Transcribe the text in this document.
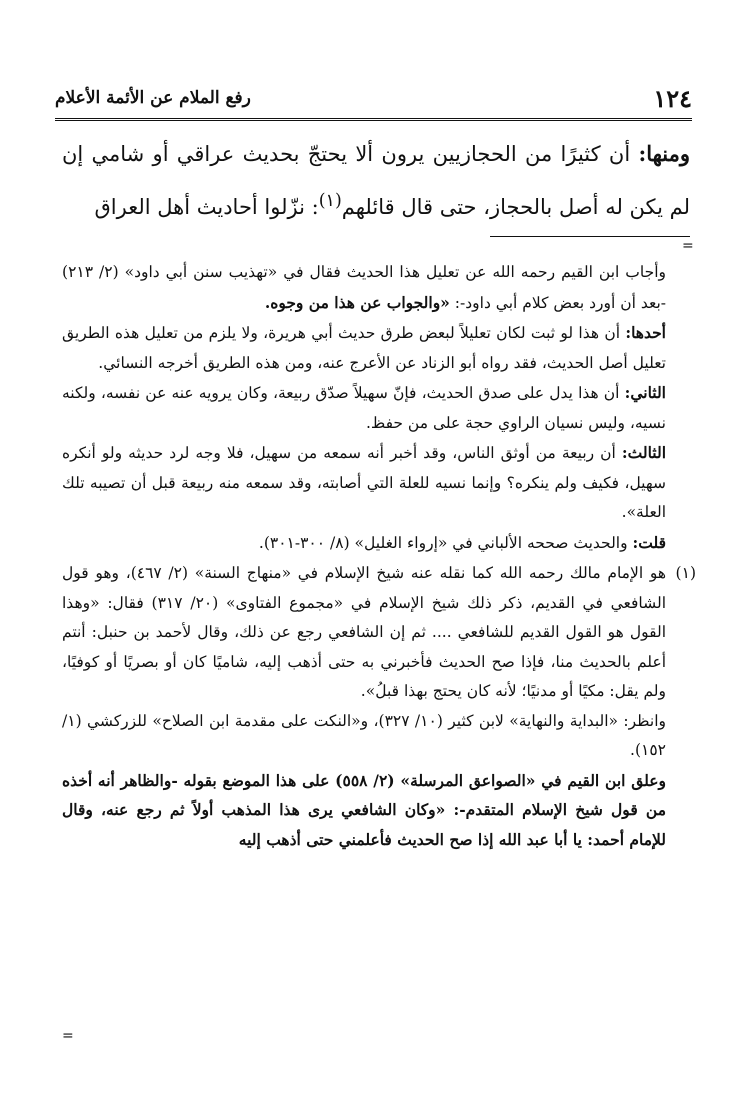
١٢٤
رفع الملام عن الأئمة الأعلام

ومنها: أن كثيرًا من الحجازيين يرون ألا يحتجّ بحديث عراقي أو شامي إن لم يكن له أصل بالحجاز، حتى قال قائلهم$^{(١)}$: نزّلوا أحاديث أهل العراق

=

وأجاب ابن القيم رحمه الله عن تعليل هذا الحديث فقال في «تهذيب سنن أبي داود» (٢/ ٢١٣) -بعد أن أورد بعض كلام أبي داود-: «والجواب عن هذا من وجوه.

أحدها: أن هذا لو ثبت لكان تعليلاً لبعض طرق حديث أبي هريرة، ولا يلزم من تعليل هذه الطريق تعليل أصل الحديث، فقد رواه أبو الزناد عن الأعرج عنه، ومن هذه الطريق أخرجه النسائي.

الثاني: أن هذا يدل على صدق الحديث، فإنّ سهيلاً صدّق ربيعة، وكان يرويه عنه عن نفسه، ولكنه نسيه، وليس نسيان الراوي حجة على من حفظ.

الثالث: أن ربيعة من أوثق الناس، وقد أخبر أنه سمعه من سهيل، فلا وجه لرد حديثه ولو أنكره سهيل، فكيف ولم ينكره؟ وإنما نسيه للعلة التي أصابته، وقد سمعه منه ربيعة قبل أن تصيبه تلك العلة».

قلت: والحديث صححه الألباني في «إرواء الغليل» (٨/ ٣٠٠-٣٠١).

(١)

هو الإمام مالك رحمه الله كما نقله عنه شيخ الإسلام في «منهاج السنة» (٢/ ٤٦٧)، وهو قول الشافعي في القديم، ذكر ذلك شيخ الإسلام في «مجموع الفتاوى» (٢٠/ ٣١٧) فقال: «وهذا القول هو القول القديم للشافعي .... ثم إن الشافعي رجع عن ذلك، وقال لأحمد بن حنبل: أنتم أعلم بالحديث منا، فإذا صح الحديث فأخبرني به حتى أذهب إليه، شاميًا كان أو بصريًا أو كوفيًا، ولم يقل: مكيًا أو مدنيًا؛ لأنه كان يحتج بهذا قبلُ».

وانظر: «البداية والنهاية» لابن كثير (١٠/ ٣٢٧)، و«النكت على مقدمة ابن الصلاح» للزركشي (١/ ١٥٢).

وعلق ابن القيم في «الصواعق المرسلة» (٢/ ٥٥٨) على هذا الموضع بقوله -والظاهر أنه أخذه من قول شيخ الإسلام المتقدم-: «وكان الشافعي يرى هذا المذهب أولاً ثم رجع عنه، وقال للإمام أحمد: يا أبا عبد الله إذا صح الحديث فأعلمني حتى أذهب إليه

=
